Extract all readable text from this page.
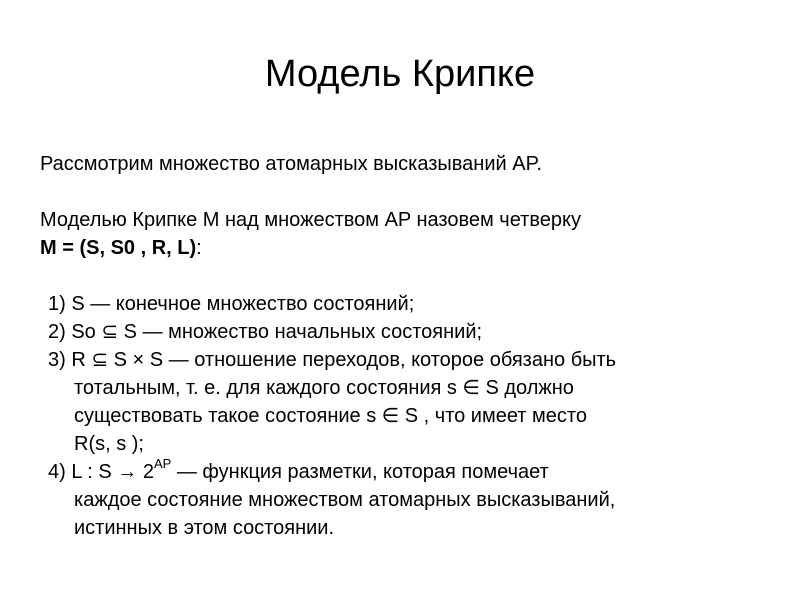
Модель Крипке

Рассмотрим множество атомарных высказываний AP.

Моделью Крипке M над множеством AP назовем четверку

M = (S, S0 , R, L):

1) S — конечное множество состояний;
2) So ⊆ S — множество начальных состояний;
3) R ⊆ S × S — отношение переходов, которое обязано быть
тотальным, т. е. для каждого состояния s ∈ S должно
существовать такое состояние s ∈ S , что имеет место
R(s, s );
4) L : $S \to 2^{AP}$ — функция разметки, которая помечает
каждое состояние множеством атомарных высказываний,
истинных в этом состоянии.
